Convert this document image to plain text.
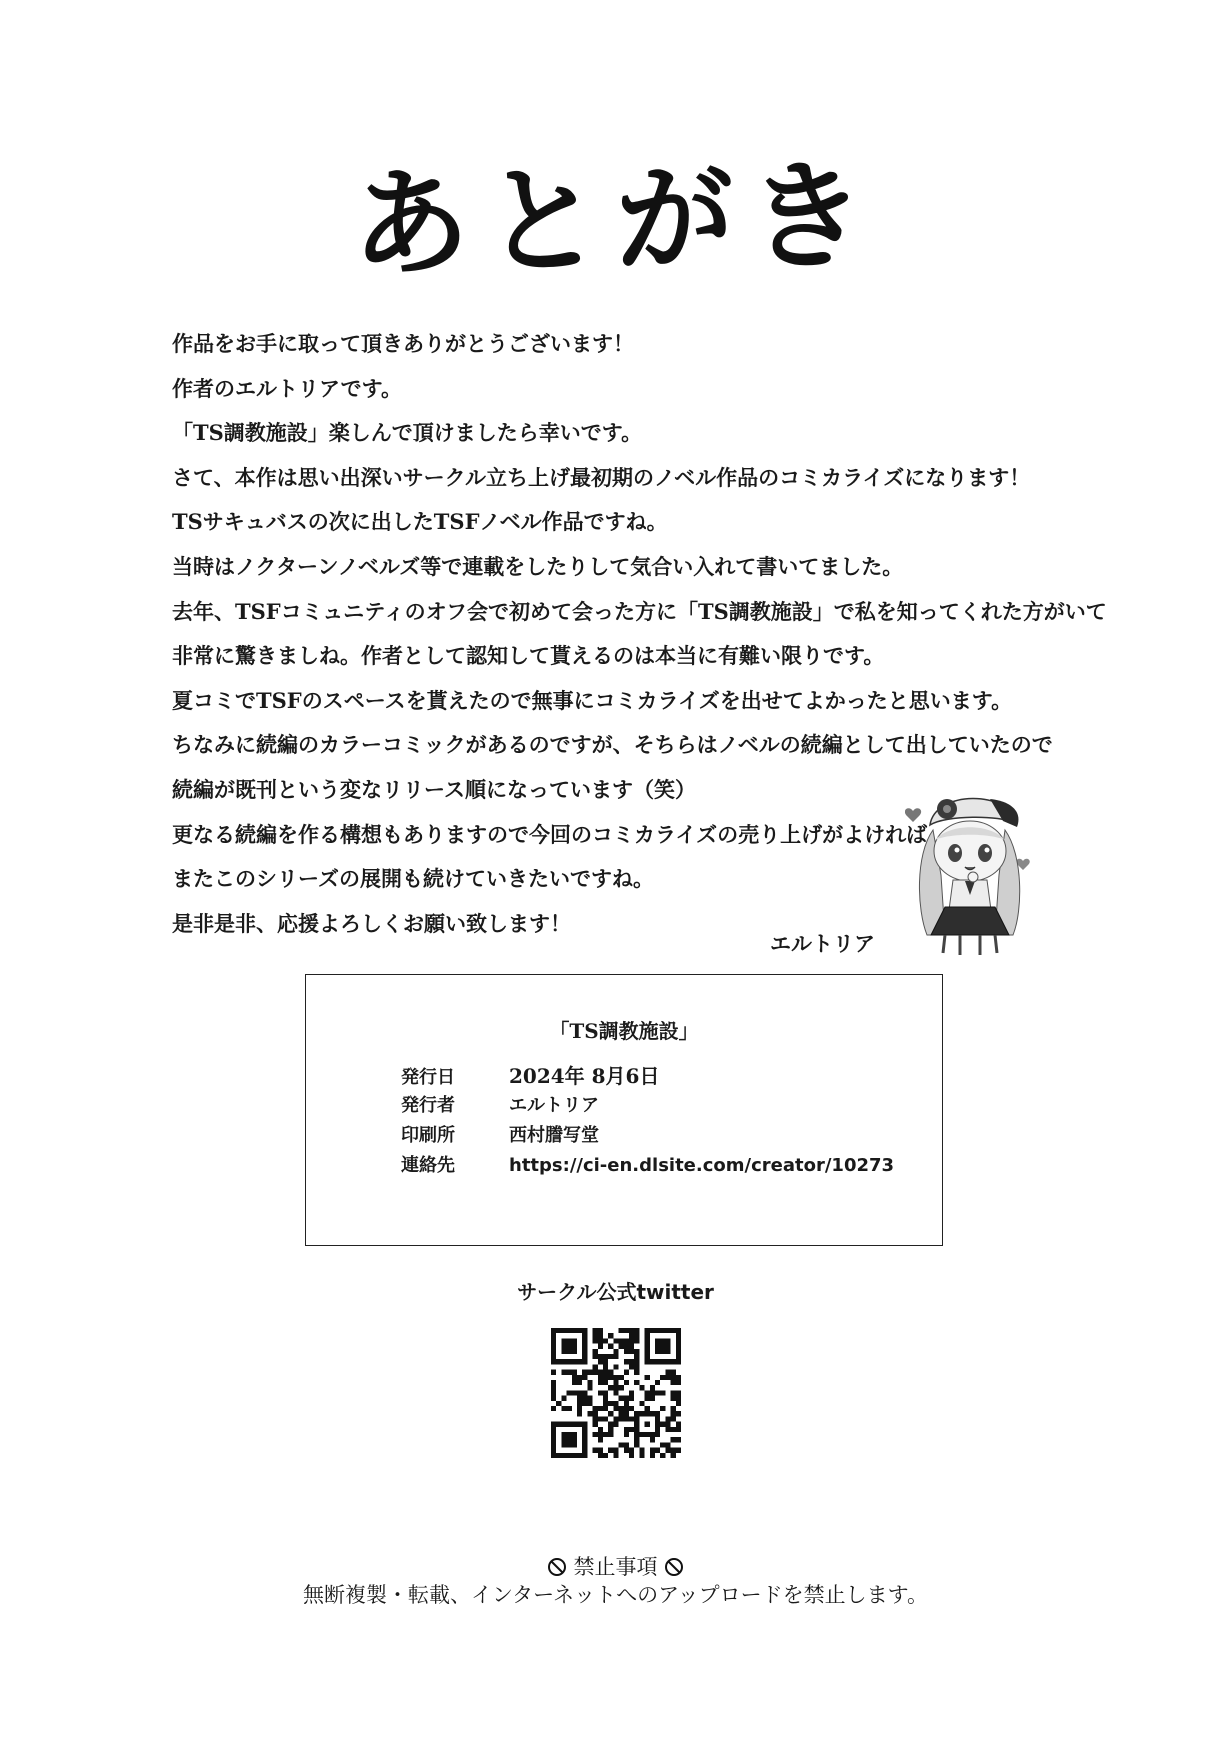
あとがき
作品をお手に取って頂きありがとうございます！
作者のエルトリアです。
「TS調教施設」楽しんで頂けましたら幸いです。
さて、本作は思い出深いサークル立ち上げ最初期のノベル作品のコミカライズになります！
TSサキュバスの次に出したTSFノベル作品ですね。
当時はノクターンノベルズ等で連載をしたりして気合い入れて書いてました。
去年、TSFコミュニティのオフ会で初めて会った方に「TS調教施設」で私を知ってくれた方がいて
非常に驚きましね。作者として認知して貰えるのは本当に有難い限りです。
夏コミでTSFのスペースを貰えたので無事にコミカライズを出せてよかったと思います。
ちなみに続編のカラーコミックがあるのですが、そちらはノベルの続編として出していたので
続編が既刊という変なリリース順になっています（笑）
更なる続編を作る構想もありますので今回のコミカライズの売り上げがよければ
またこのシリーズの展開も続けていきたいですね。
是非是非、応援よろしくお願い致します！
エルトリア
「TS調教施設」
発行日	2024年 8月6日
発行者	エルトリア
印刷所	西村謄写堂
連絡先	https://ci-en.dlsite.com/creator/10273
サークル公式twitter
禁止事項
無断複製・転載、インターネットへのアップロードを禁止します。
